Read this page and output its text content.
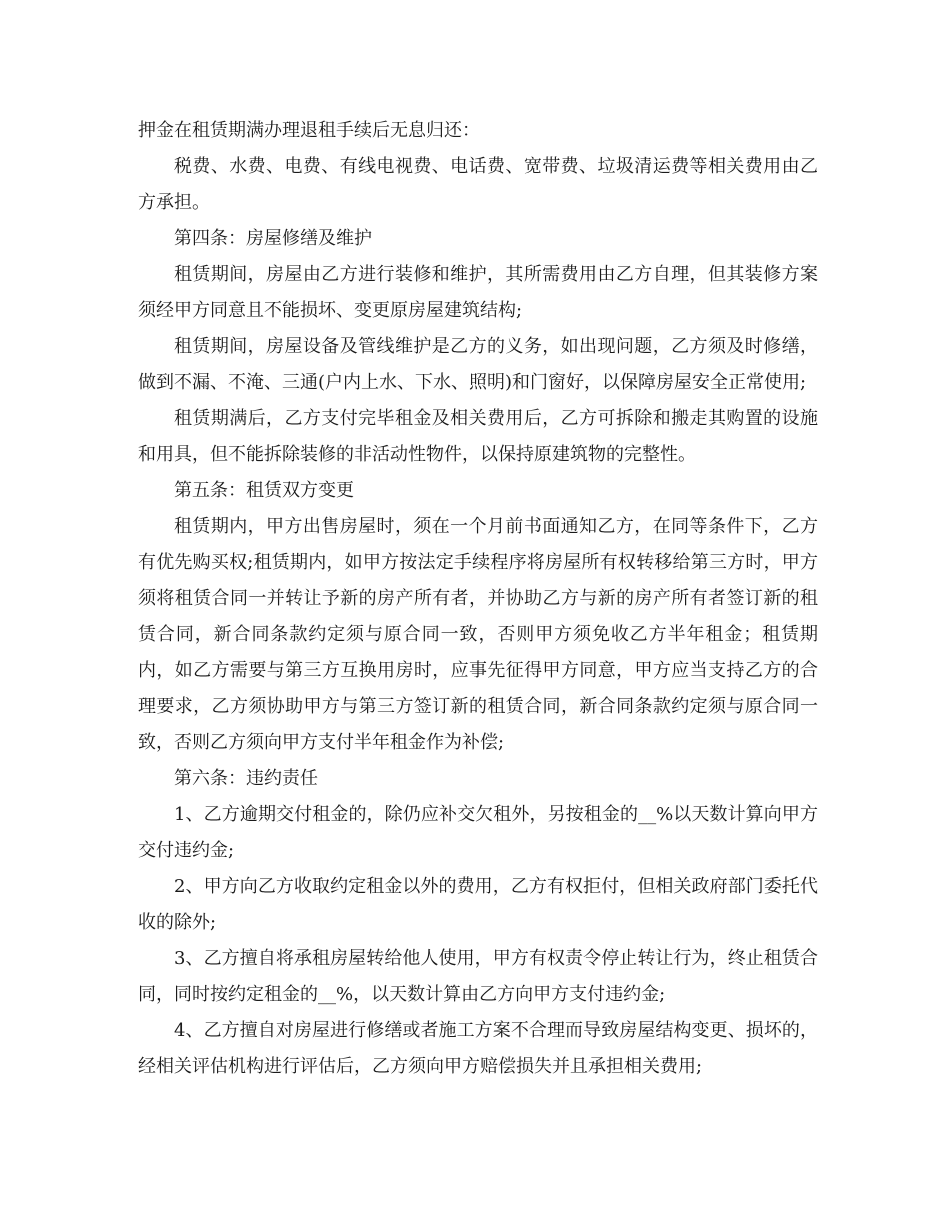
押金在租赁期满办理退租手续后无息归还：

税费、水费、电费、有线电视费、电话费、宽带费、垃圾清运费等相关费用由乙方承担。

第四条：房屋修缮及维护

租赁期间，房屋由乙方进行装修和维护，其所需费用由乙方自理，但其装修方案须经甲方同意且不能损坏、变更原房屋建筑结构;

租赁期间，房屋设备及管线维护是乙方的义务，如出现问题，乙方须及时修缮，做到不漏、不淹、三通(户内上水、下水、照明)和门窗好，以保障房屋安全正常使用;

租赁期满后，乙方支付完毕租金及相关费用后，乙方可拆除和搬走其购置的设施和用具，但不能拆除装修的非活动性物件，以保持原建筑物的完整性。

第五条：租赁双方变更

租赁期内，甲方出售房屋时，须在一个月前书面通知乙方，在同等条件下，乙方有优先购买权;租赁期内，如甲方按法定手续程序将房屋所有权转移给第三方时，甲方须将租赁合同一并转让予新的房产所有者，并协助乙方与新的房产所有者签订新的租赁合同，新合同条款约定须与原合同一致，否则甲方须免收乙方半年租金；租赁期内，如乙方需要与第三方互换用房时，应事先征得甲方同意，甲方应当支持乙方的合理要求，乙方须协助甲方与第三方签订新的租赁合同，新合同条款约定须与原合同一致，否则乙方须向甲方支付半年租金作为补偿;

第六条：违约责任

1、乙方逾期交付租金的，除仍应补交欠租外，另按租金的__%以天数计算向甲方交付违约金;

2、甲方向乙方收取约定租金以外的费用，乙方有权拒付，但相关政府部门委托代收的除外;

3、乙方擅自将承租房屋转给他人使用，甲方有权责令停止转让行为，终止租赁合同，同时按约定租金的__%，以天数计算由乙方向甲方支付违约金;

4、乙方擅自对房屋进行修缮或者施工方案不合理而导致房屋结构变更、损坏的，经相关评估机构进行评估后，乙方须向甲方赔偿损失并且承担相关费用;
